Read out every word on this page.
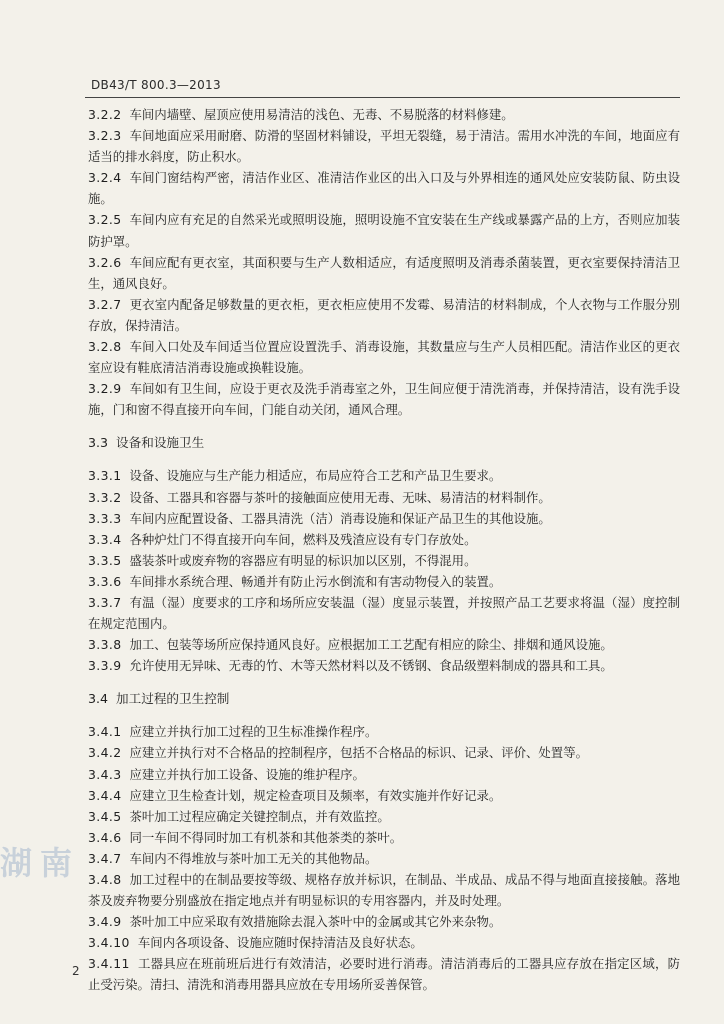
DB43/T 800.3—2013

3.2.2 车间内墙壁、屋顶应使用易清洁的浅色、无毒、不易脱落的材料修建。

3.2.3 车间地面应采用耐磨、防滑的坚固材料铺设，平坦无裂缝，易于清洁。需用水冲洗的车间，地面应有适当的排水斜度，防止积水。

3.2.4 车间门窗结构严密，清洁作业区、准清洁作业区的出入口及与外界相连的通风处应安装防鼠、防虫设施。

3.2.5 车间内应有充足的自然采光或照明设施，照明设施不宜安装在生产线或暴露产品的上方，否则应加装防护罩。

3.2.6 车间应配有更衣室，其面积要与生产人数相适应，有适度照明及消毒杀菌装置，更衣室要保持清洁卫生，通风良好。

3.2.7 更衣室内配备足够数量的更衣柜，更衣柜应使用不发霉、易清洁的材料制成，个人衣物与工作服分别存放，保持清洁。

3.2.8 车间入口处及车间适当位置应设置洗手、消毒设施，其数量应与生产人员相匹配。清洁作业区的更衣室应设有鞋底清洁消毒设施或换鞋设施。

3.2.9 车间如有卫生间，应设于更衣及洗手消毒室之外，卫生间应便于清洗消毒，并保持清洁，设有洗手设施，门和窗不得直接开向车间，门能自动关闭，通风合理。

3.3 设备和设施卫生

3.3.1 设备、设施应与生产能力相适应，布局应符合工艺和产品卫生要求。

3.3.2 设备、工器具和容器与茶叶的接触面应使用无毒、无味、易清洁的材料制作。

3.3.3 车间内应配置设备、工器具清洗（洁）消毒设施和保证产品卫生的其他设施。

3.3.4 各种炉灶门不得直接开向车间，燃料及残渣应设有专门存放处。

3.3.5 盛装茶叶或废弃物的容器应有明显的标识加以区别，不得混用。

3.3.6 车间排水系统合理、畅通并有防止污水倒流和有害动物侵入的装置。

3.3.7 有温（湿）度要求的工序和场所应安装温（湿）度显示装置，并按照产品工艺要求将温（湿）度控制在规定范围内。

3.3.8 加工、包装等场所应保持通风良好。应根据加工工艺配有相应的除尘、排烟和通风设施。

3.3.9 允许使用无异味、无毒的竹、木等天然材料以及不锈钢、食品级塑料制成的器具和工具。

3.4 加工过程的卫生控制

3.4.1 应建立并执行加工过程的卫生标准操作程序。

3.4.2 应建立并执行对不合格品的控制程序，包括不合格品的标识、记录、评价、处置等。

3.4.3 应建立并执行加工设备、设施的维护程序。

3.4.4 应建立卫生检查计划，规定检查项目及频率，有效实施并作好记录。

3.4.5 茶叶加工过程应确定关键控制点，并有效监控。

3.4.6 同一车间不得同时加工有机茶和其他茶类的茶叶。

3.4.7 车间内不得堆放与茶叶加工无关的其他物品。

3.4.8 加工过程中的在制品要按等级、规格存放并标识，在制品、半成品、成品不得与地面直接接触。落地茶及废弃物要分别盛放在指定地点并有明显标识的专用容器内，并及时处理。

3.4.9 茶叶加工中应采取有效措施除去混入茶叶中的金属或其它外来杂物。

3.4.10 车间内各项设备、设施应随时保持清洁及良好状态。

3.4.11 工器具应在班前班后进行有效清洁，必要时进行消毒。清洁消毒后的工器具应存放在指定区域，防止受污染。清扫、清洗和消毒用器具应放在专用场所妥善保管。

湖南
2
